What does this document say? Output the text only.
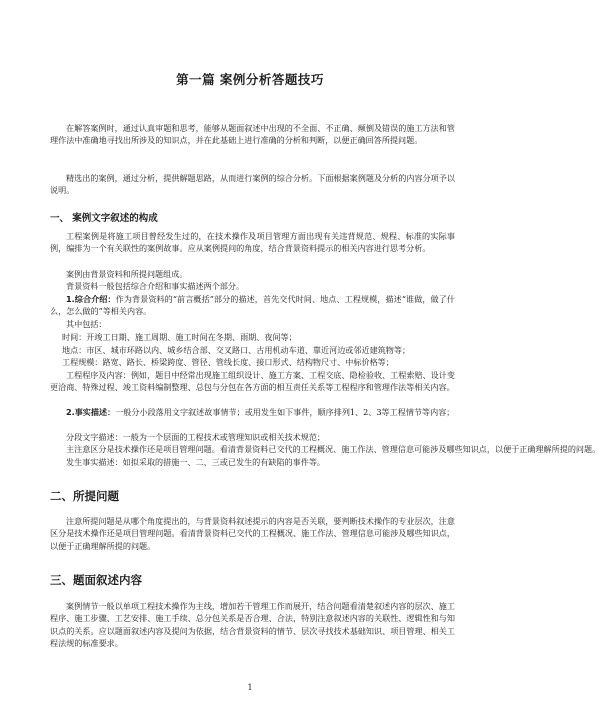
第一篇 案例分析答题技巧
在解答案例时，通过认真审题和思考，能够从题面叙述中出现的不全面、不正确、颠倒及错误的施工方法和管理作法中准确地寻找出所涉及的知识点，并在此基础上进行准确的分析和判断，以便正确回答所提问题。
精选出的案例，通过分析，提供解题思路，从而进行案例的综合分析。下面根据案例题及分析的内容分项予以说明。
一、 案例文字叙述的构成
工程案例是将施工项目曾经发生过的，在技术操作及项目管理方面出现有关违背规范、规程、标准的实际事例，编排为一个有关联性的案例故事。应从案例提问的角度，结合背景资料提示的相关内容进行思考分析。
案例由背景资料和所提问题组成。
背景资料一般包括综合介绍和事实描述两个部分。
1.综合介绍：作为背景资料的“前言概括”部分的描述，首先交代时间、地点、工程规模，描述“谁做，做了什么，怎么做的”等相关内容。
其中包括：
时间：开竣工日期、施工周期、施工时间在冬期、雨期、夜间等；
地点：市区、城市环路以内、城乡结合部、交叉路口、古用机动车道、靠近河边或邻近建筑物等；
工程规模：路宽、路长、桥梁跨度、管径、管线长度、接口形式、结构物尺寸、中标价格等；
工程程序及内容：例如，题目中经常出现施工组织设计、施工方案、工程交底、隐检验收、工程索赔、设计变更洽商、特殊过程、竣工资料编制整理、总包与分包在各方面的相互责任关系等工程程序和管理作法等相关内容。
2.事实描述：一般分小段落用文字叙述故事情节；或用发生如下事件，顺序排列1、2、3等工程情节等内容；
分段文字描述：一般为一个层面的工程技术或管理知识或相关技术规范；
主注意区分是技术操作还是项目管理问题。看清背景资料已交代的工程概况、施工作法、管理信息可能涉及哪些知识点，以便于正确理解所提的问题。
发生事实描述：如拟采取的措施一、二、三或已发生的有缺陷的事件等。
二、所提问题
注意所提问题是从哪个角度提出的，与背景资料叙述提示的内容是否关联，要判断技术操作的专业层次，注意区分是技术操作还是项目管理问题。看清背景资料已交代的工程概况、施工作法、管理信息可能涉及哪些知识点，以便于正确理解所提的问题。
三、题面叙述内容
案例情节一般以单项工程技术操作为主线，增加若干管理工作而展开，结合问题看清楚叙述内容的层次、施工程序、施工步骤、工艺安排、施工手续、总分包关系是否合理、合法，特别注意叙述内容的关联性、逻辑性和与知识点的关系。应以题面叙述内容及提问为依据，结合背景资料的情节、层次寻找技术基础知识、项目管理、相关工程法规的标准要求。
1
